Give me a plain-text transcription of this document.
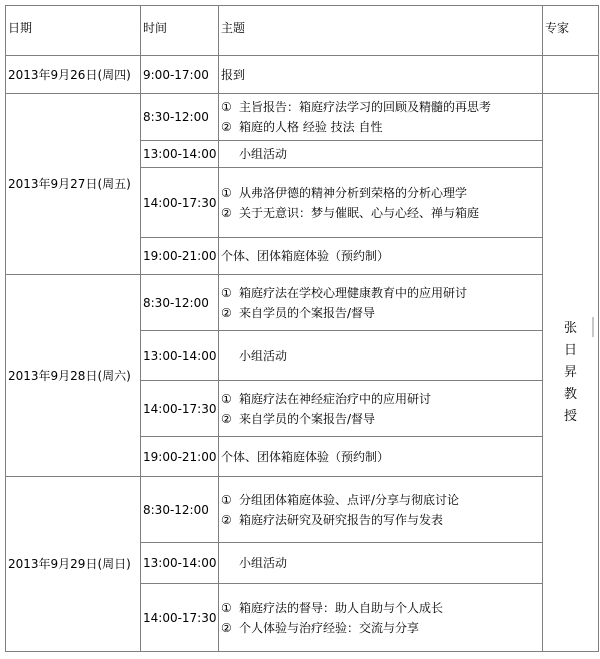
日期	时间	主题	专家
2013年9月26日(周四)	9:00-17:00	报到	
2013年9月27日(周五)	8:30-12:00	① 主旨报告：箱庭疗法学习的回顾及精髓的再思考
② 箱庭的人格 经验 技法 自性	张日昇教授
	13:00-14:00	小组活动	
	14:00-17:30	① 从弗洛伊德的精神分析到荣格的分析心理学
② 关于无意识：梦与催眠、心与心经、禅与箱庭	

	19:00-21:00	个体、团体箱庭体验（预约制）	
2013年9月28日(周六)	8:30-12:00	① 箱庭疗法在学校心理健康教育中的应用研讨
② 来自学员的个案报告/督导	

	13:00-14:00	小组活动	
	14:00-17:30	① 箱庭疗法在神经症治疗中的应用研讨
② 来自学员的个案报告/督导	

	19:00-21:00	个体、团体箱庭体验（预约制）	
2013年9月29日(周日)	8:30-12:00	① 分组团体箱庭体验、点评/分享与彻底讨论
② 箱庭疗法研究及研究报告的写作与发表	

	13:00-14:00	小组活动	
	14:00-17:30	① 箱庭疗法的督导：助人自助与个人成长
② 个人体验与治疗经验：交流与分享	
